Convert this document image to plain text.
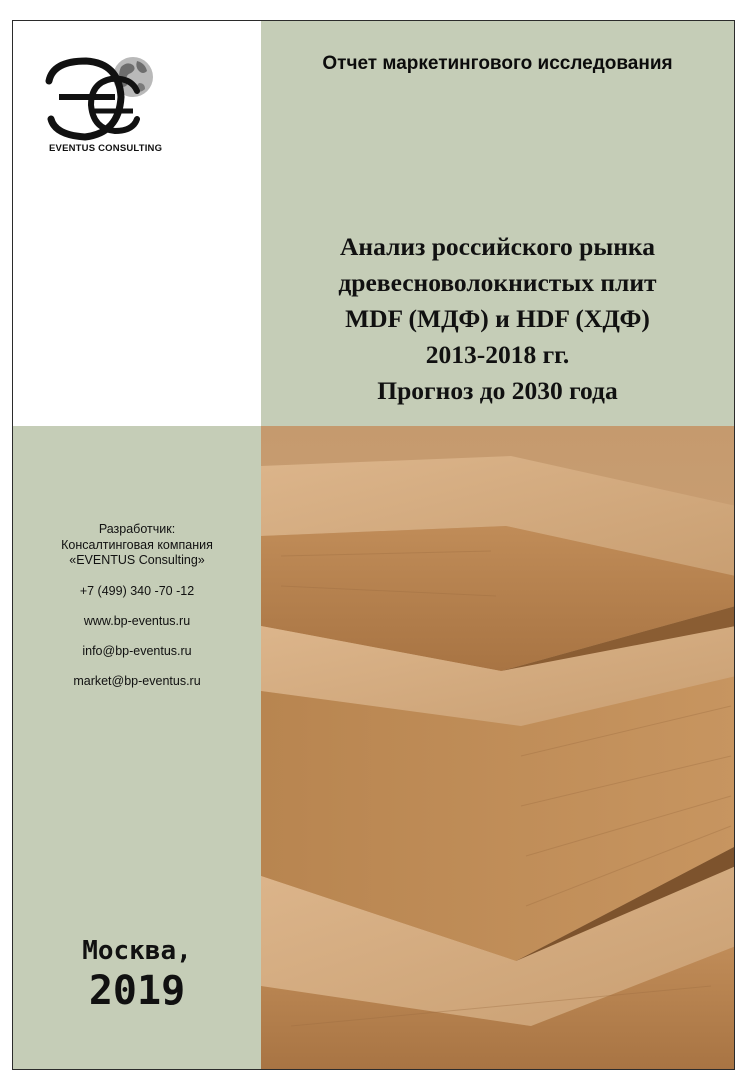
EVENTUS CONSULTING
Отчет маркетингового исследования
Анализ российского рынка
древесноволокнистых плит
MDF (МДФ) и HDF (ХДФ)
2013-2018 гг.
Прогноз до 2030 года
Разработчик:
Консалтинговая компания
«EVENTUS Consulting»
+7 (499) 340 -70 -12
www.bp-eventus.ru
info@bp-eventus.ru
market@bp-eventus.ru
Москва,
2019
